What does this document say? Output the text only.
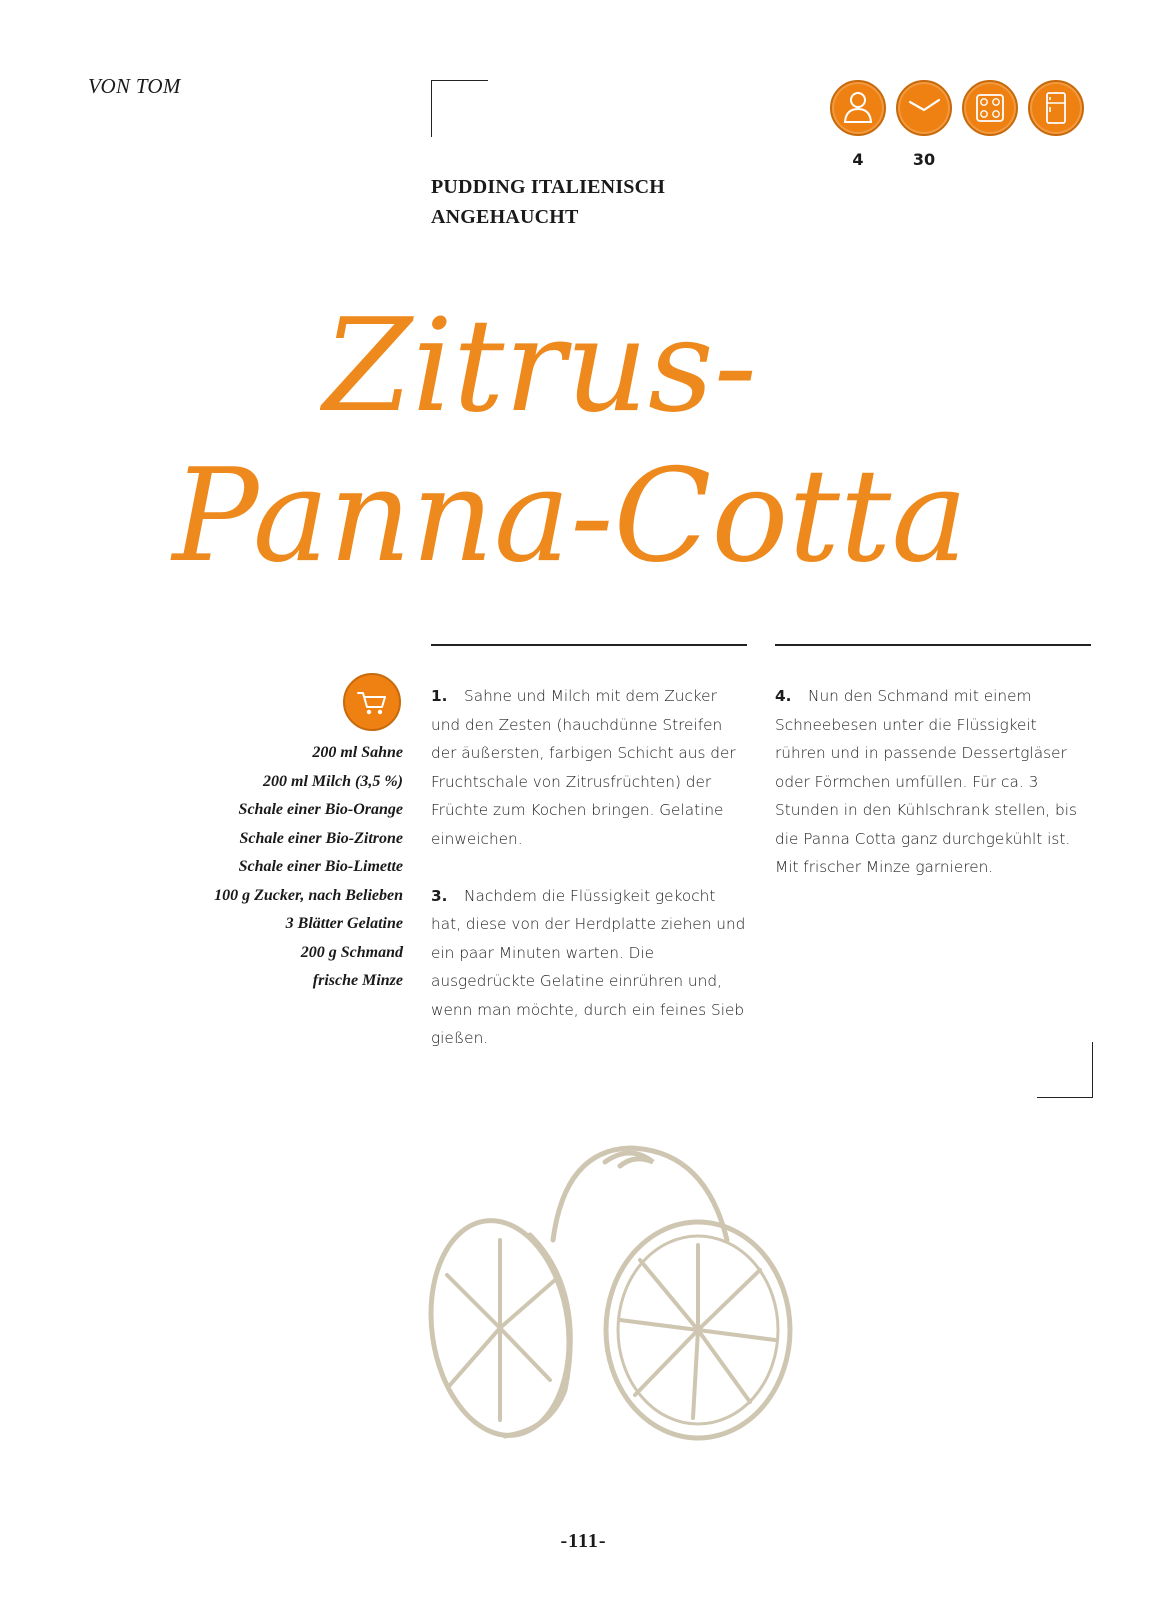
VON TOM
PUDDING ITALIENISCH
ANGEHAUCHT
4	30
Zitrus-
Panna-Cotta
200 ml Sahne
200 ml Milch (3,5 %)
Schale einer Bio-Orange
Schale einer Bio-Zitrone
Schale einer Bio-Limette
100 g Zucker, nach Belieben
3 Blätter Gelatine
200 g Schmand
frische Minze

1. Sahne und Milch mit dem Zucker und den Zesten (hauchdünne Streifen der äußersten, farbigen Schicht aus der Fruchtschale von Zitrusfrüchten) der Früchte zum Kochen bringen. Gelatine einweichen.

3. Nachdem die Flüssigkeit gekocht hat, diese von der Herdplatte ziehen und ein paar Minuten warten. Die ausgedrückte Gelatine einrühren und, wenn man möchte, durch ein feines Sieb gießen.

4. Nun den Schmand mit einem Schneebesen unter die Flüssigkeit rühren und in passende Dessertgläser oder Förmchen umfüllen. Für ca. 3 Stunden in den Kühlschrank stellen, bis die Panna Cotta ganz durchgekühlt ist. Mit frischer Minze garnieren.

-111-
